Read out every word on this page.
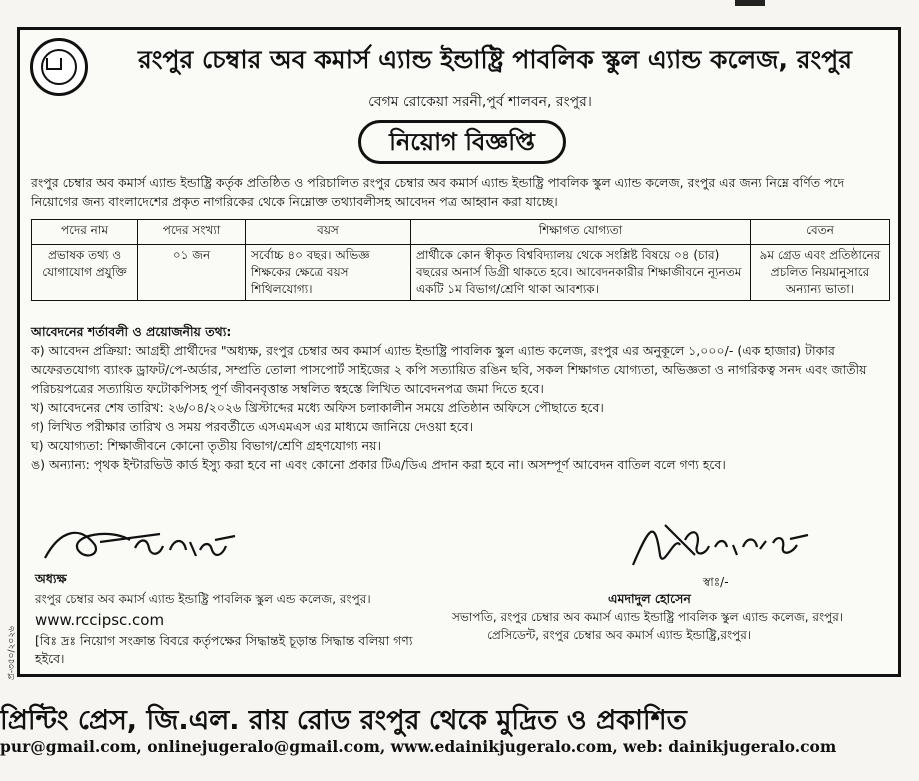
প্র-৩৫০/২০২৬
রংপুর চেম্বার অব কমার্স এ্যান্ড ইন্ডাষ্ট্রি পাবলিক স্কুল এ্যান্ড কলেজ, রংপুর
বেগম রোকেয়া সরনী,পুর্ব শালবন, রংপুর।
নিয়োগ বিজ্ঞপ্তি
রংপুর চেম্বার অব কমার্স এ্যান্ড ইন্ডাষ্ট্রি কর্তৃক প্রতিষ্ঠিত ও পরিচালিত রংপুর চেম্বার অব কমার্স এ্যান্ড ইন্ডাষ্ট্রি পাবলিক স্কুল এ্যান্ড কলেজ, রংপুর এর জন্য নিম্নে বর্ণিত পদে নিয়োগের জন্য বাংলাদেশের প্রকৃত নাগরিকের থেকে নিম্নোক্ত তথ্যাবলীসহ আবেদন পত্র আহ্বান করা যাচ্ছে।
পদের নাম	পদের সংখ্যা	বয়স	শিক্ষাগত যোগ্যতা	বেতন
প্রভাষক তথ্য ও যোগাযোগ প্রযুক্তি	০১ জন	সর্বোচ্চ ৪০ বছর। অভিজ্ঞ শিক্ষকের ক্ষেত্রে বয়স শিথিলযোগ্য।	প্রার্থীকে কোন স্বীকৃত বিশ্ববিদ্যালয় থেকে সংশ্লিষ্ট বিষয়ে ০৪ (চার) বছরের অনার্স ডিগ্রী থাকতে হবে। আবেদনকারীর শিক্ষাজীবনে ন্যূনতম একটি ১ম বিভাগ/শ্রেণি থাকা আবশ্যক।	৯ম গ্রেড এবং প্রতিষ্ঠানের প্রচলিত নিয়মানুসারে অন্যান্য ভাতা।

আবেদনের শর্তাবলী ও প্রয়োজনীয় তথ্য:

ক) আবেদন প্রক্রিয়া: আগ্রহী প্রার্থীদের "অধ্যক্ষ, রংপুর চেম্বার অব কমার্স এ্যান্ড ইন্ডাষ্ট্রি পাবলিক স্কুল এ্যান্ড কলেজ, রংপুর এর অনুকূলে ১,০০০/- (এক হাজার) টাকার অফেরতযোগ্য ব্যাংক ড্রাফট/পে-অর্ডার, সম্প্রতি তোলা পাসপোর্ট সাইজের ২ কপি সত্যায়িত রঙিন ছবি, সকল শিক্ষাগত যোগ্যতা, অভিজ্ঞতা ও নাগরিকত্ব সনদ এবং জাতীয় পরিচয়পত্রের সত্যায়িত ফটোকপিসহ পূর্ণ জীবনবৃত্তান্ত সম্বলিত স্বহস্তে লিখিত আবেদনপত্র জমা দিতে হবে।

খ) আবেদনের শেষ তারিখ: ২৬/০৪/২০২৬ খ্রিস্টাব্দের মধ্যে অফিস চলাকালীন সময়ে প্রতিষ্ঠান অফিসে পৌছাতে হবে।

গ) লিখিত পরীক্ষার তারিখ ও সময় পরবর্তীতে এসএমএস এর মাধ্যমে জানিয়ে দেওয়া হবে।

ঘ) অযোগ্যতা: শিক্ষাজীবনে কোনো তৃতীয় বিভাগ/শ্রেণি গ্রহণযোগ্য নয়।

ঙ) অন্যান্য: পৃথক ইন্টারভিউ কার্ড ইস্যু করা হবে না এবং কোনো প্রকার টিএ/ডিএ প্রদান করা হবে না। অসম্পূর্ণ আবেদন বাতিল বলে গণ্য হবে।

স্বাঃ/-
অধ্যক্ষ
রংপুর চেম্বার অব কমার্স এ্যান্ড ইন্ডাষ্ট্রি পাবলিক স্কুল এন্ড কলেজ, রংপুর।
www.rccipsc.com
[বিঃ দ্রঃ নিয়োগ সংক্রান্ত বিবরে কর্তৃপক্ষের সিদ্ধান্তই চূড়ান্ত সিদ্ধান্ত বলিয়া গণ্য হইবে।
এমদাদুল হোসেন
সভাপতি, রংপুর চেম্বার অব কমার্স এ্যান্ড ইন্ডাষ্ট্রি পাবলিক স্কুল এ্যান্ড কলেজ, রংপুর।
প্রেসিডেন্ট, রংপুর চেম্বার অব কমার্স এ্যান্ড ইন্ডাষ্ট্রি,রংপুর।
প্রিন্টিং প্রেস, জি.এল. রায় রোড রংপুর থেকে মুদ্রিত ও প্রকাশিত
pur@gmail.com, onlinejugeralo@gmail.com, www.edainikjugeralo.com, web: dainikjugeralo.com
